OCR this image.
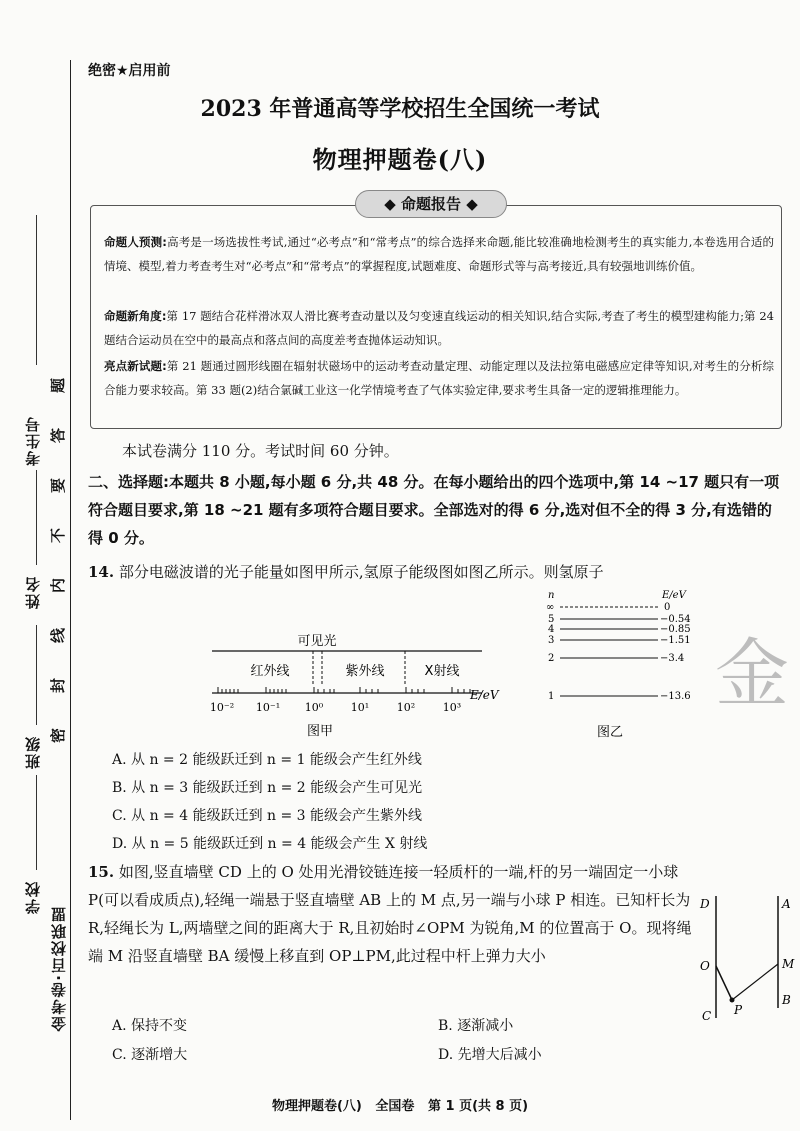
考生号
姓名
班级
学校
金考卷·百校联盟
题
答
要
不
内
线
封
密
绝密★启用前
2023 年普通高等学校招生全国统一考试
物理押题卷(八)
◆ 命题报告 ◆
命题人预测:高考是一场选拔性考试,通过“必考点”和“常考点”的综合选择来命题,能比较准确地检测考生的真实能力,本卷选用合适的情境、模型,着力考查考生对“必考点”和“常考点”的掌握程度,试题难度、命题形式等与高考接近,具有较强地训练价值。
命题新角度:第 17 题结合花样滑冰双人滑比赛考查动量以及匀变速直线运动的相关知识,结合实际,考查了考生的模型建构能力;第 24 题结合运动员在空中的最高点和落点间的高度差考查抛体运动知识。
亮点新试题:第 21 题通过圆形线圈在辐射状磁场中的运动考查动量定理、动能定理以及法拉第电磁感应定律等知识,对考生的分析综合能力要求较高。第 33 题(2)结合氯碱工业这一化学情境考查了气体实验定律,要求考生具备一定的逻辑推理能力。
本试卷满分 110 分。考试时间 60 分钟。
二、选择题:本题共 8 小题,每小题 6 分,共 48 分。在每小题给出的四个选项中,第 14 ~17 题只有一项符合题目要求,第 18 ~21 题有多项符合题目要求。全部选对的得 6 分,选对但不全的得 3 分,有选错的得 0 分。
14. 部分电磁波谱的光子能量如图甲所示,氢原子能级图如图乙所示。则氢原子
可见光
红外线	紫外线	X射线
10⁻² 10⁻¹ 10⁰	10¹	10²	10³
E/eV
图甲
n	E/eV
∞	0
5	−0.54
4	−0.85
3	−1.51
2	−3.4
1	−13.6
图乙
金
A. 从 n = 2 能级跃迁到 n = 1 能级会产生红外线
B. 从 n = 3 能级跃迁到 n = 2 能级会产生可见光
C. 从 n = 4 能级跃迁到 n = 3 能级会产生紫外线
D. 从 n = 5 能级跃迁到 n = 4 能级会产生 X 射线
15. 如图,竖直墙壁 CD 上的 O 处用光滑铰链连接一轻质杆的一端,杆的另一端固定一小球 P(可以看成质点),轻绳一端悬于竖直墙壁 AB 上的 M 点,另一端与小球 P 相连。已知杆长为 R,轻绳长为 L,两墙壁之间的距离大于 R,且初始时∠OPM 为锐角,M 的位置高于 O。现将绳端 M 沿竖直墙壁 BA 缓慢上移直到 OP⊥PM,此过程中杆上弹力大小
D	A
O	M
C P
B
A. 保持不变	B. 逐渐减小
C. 逐渐增大	D. 先增大后减小
物理押题卷(八)   全国卷   第 1 页(共 8 页)
